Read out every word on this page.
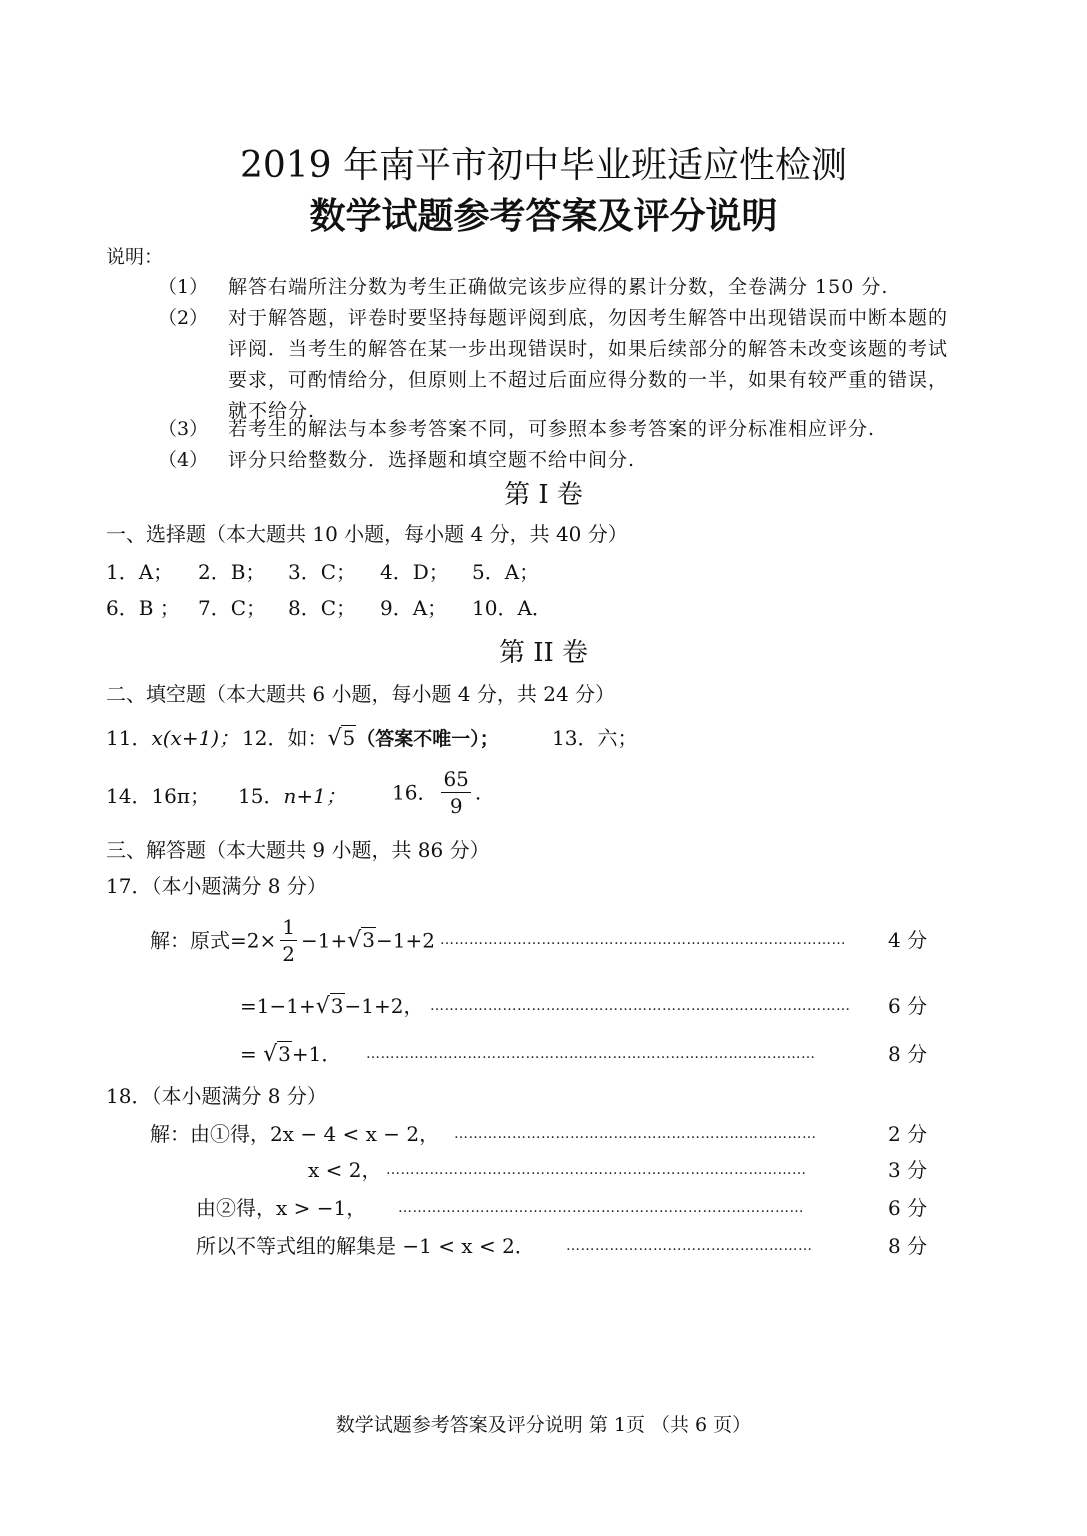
2019 年南平市初中毕业班适应性检测
数学试题参考答案及评分说明
说明：
（1）	解答右端所注分数为考生正确做完该步应得的累计分数，全卷满分 150 分.
（2）	对于解答题，评卷时要坚持每题评阅到底，勿因考生解答中出现错误而中断本题的评阅．当考生的解答在某一步出现错误时，如果后续部分的解答未改变该题的考试要求，可酌情给分，但原则上不超过后面应得分数的一半，如果有较严重的错误，就不给分.
（3）	若考生的解法与本参考答案不同，可参照本参考答案的评分标准相应评分.
（4）	评分只给整数分．选择题和填空题不给中间分.
第 I 卷
一、选择题（本大题共 10 小题，每小题 4 分，共 40 分）
1．A； 2．B； 3．C； 4．D； 5．A；
6．B ； 7．C； 8．C； 9．A； 10．A．
第 II 卷
二、填空题（本大题共 6 小题，每小题 4 分，共 24 分）
11．x(x+1)； 12．如：√5（答案不唯一）；	13．六；
14．16π； 15．n+1； 16． $\frac{65}{9}$ .
三、解答题（本大题共 9 小题，共 86 分）
17．（本小题满分 8 分）
解：原式$=2\times \frac{1}{2} -1+√3-1+2$ …………………………………………………………………………	4 分
=1−1+√3−1+2， ……………………………………………………………………………	6 分
= √3+1． …………………………………………………………………………………	8 分
18．（本小题满分 8 分）
解：由①得，2x − 4 < x − 2， …………………………………………………………………	2 分
x < 2， ……………………………………………………………………………	3 分
由②得，x > −1， …………………………………………………………………………	6 分
所以不等式组的解集是 −1 < x < 2． ……………………………………………	8 分
数学试题参考答案及评分说明 第 1页 （共 6 页）
